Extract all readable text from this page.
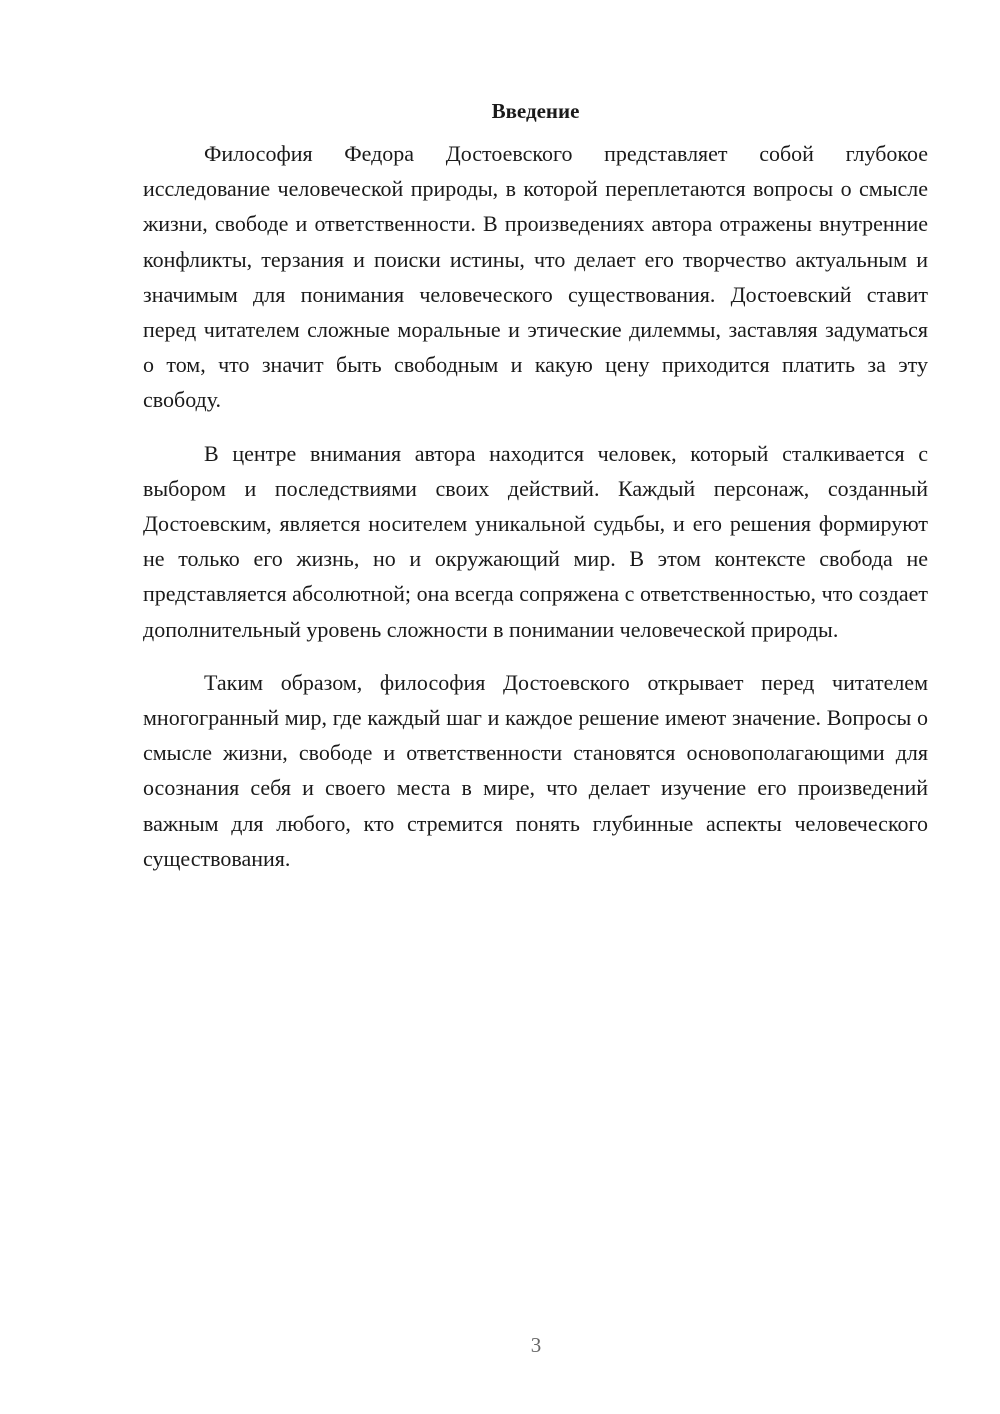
Введение

Философия Федора Достоевского представляет собой глубокое исследование человеческой природы, в которой переплетаются вопросы о смысле жизни, свободе и ответственности. В произведениях автора отражены внутренние конфликты, терзания и поиски истины, что делает его творчество актуальным и значимым для понимания человеческого существования. Достоевский ставит перед читателем сложные моральные и этические дилеммы, заставляя задуматься о том, что значит быть свободным и какую цену приходится платить за эту свободу.

В центре внимания автора находится человек, который сталкивается с выбором и последствиями своих действий. Каждый персонаж, созданный Достоевским, является носителем уникальной судьбы, и его решения формируют не только его жизнь, но и окружающий мир. В этом контексте свобода не представляется абсолютной; она всегда сопряжена с ответственностью, что создает дополнительный уровень сложности в понимании человеческой природы.

Таким образом, философия Достоевского открывает перед читателем многогранный мир, где каждый шаг и каждое решение имеют значение. Вопросы о смысле жизни, свободе и ответственности становятся основополагающими для осознания себя и своего места в мире, что делает изучение его произведений важным для любого, кто стремится понять глубинные аспекты человеческого существования.

3
